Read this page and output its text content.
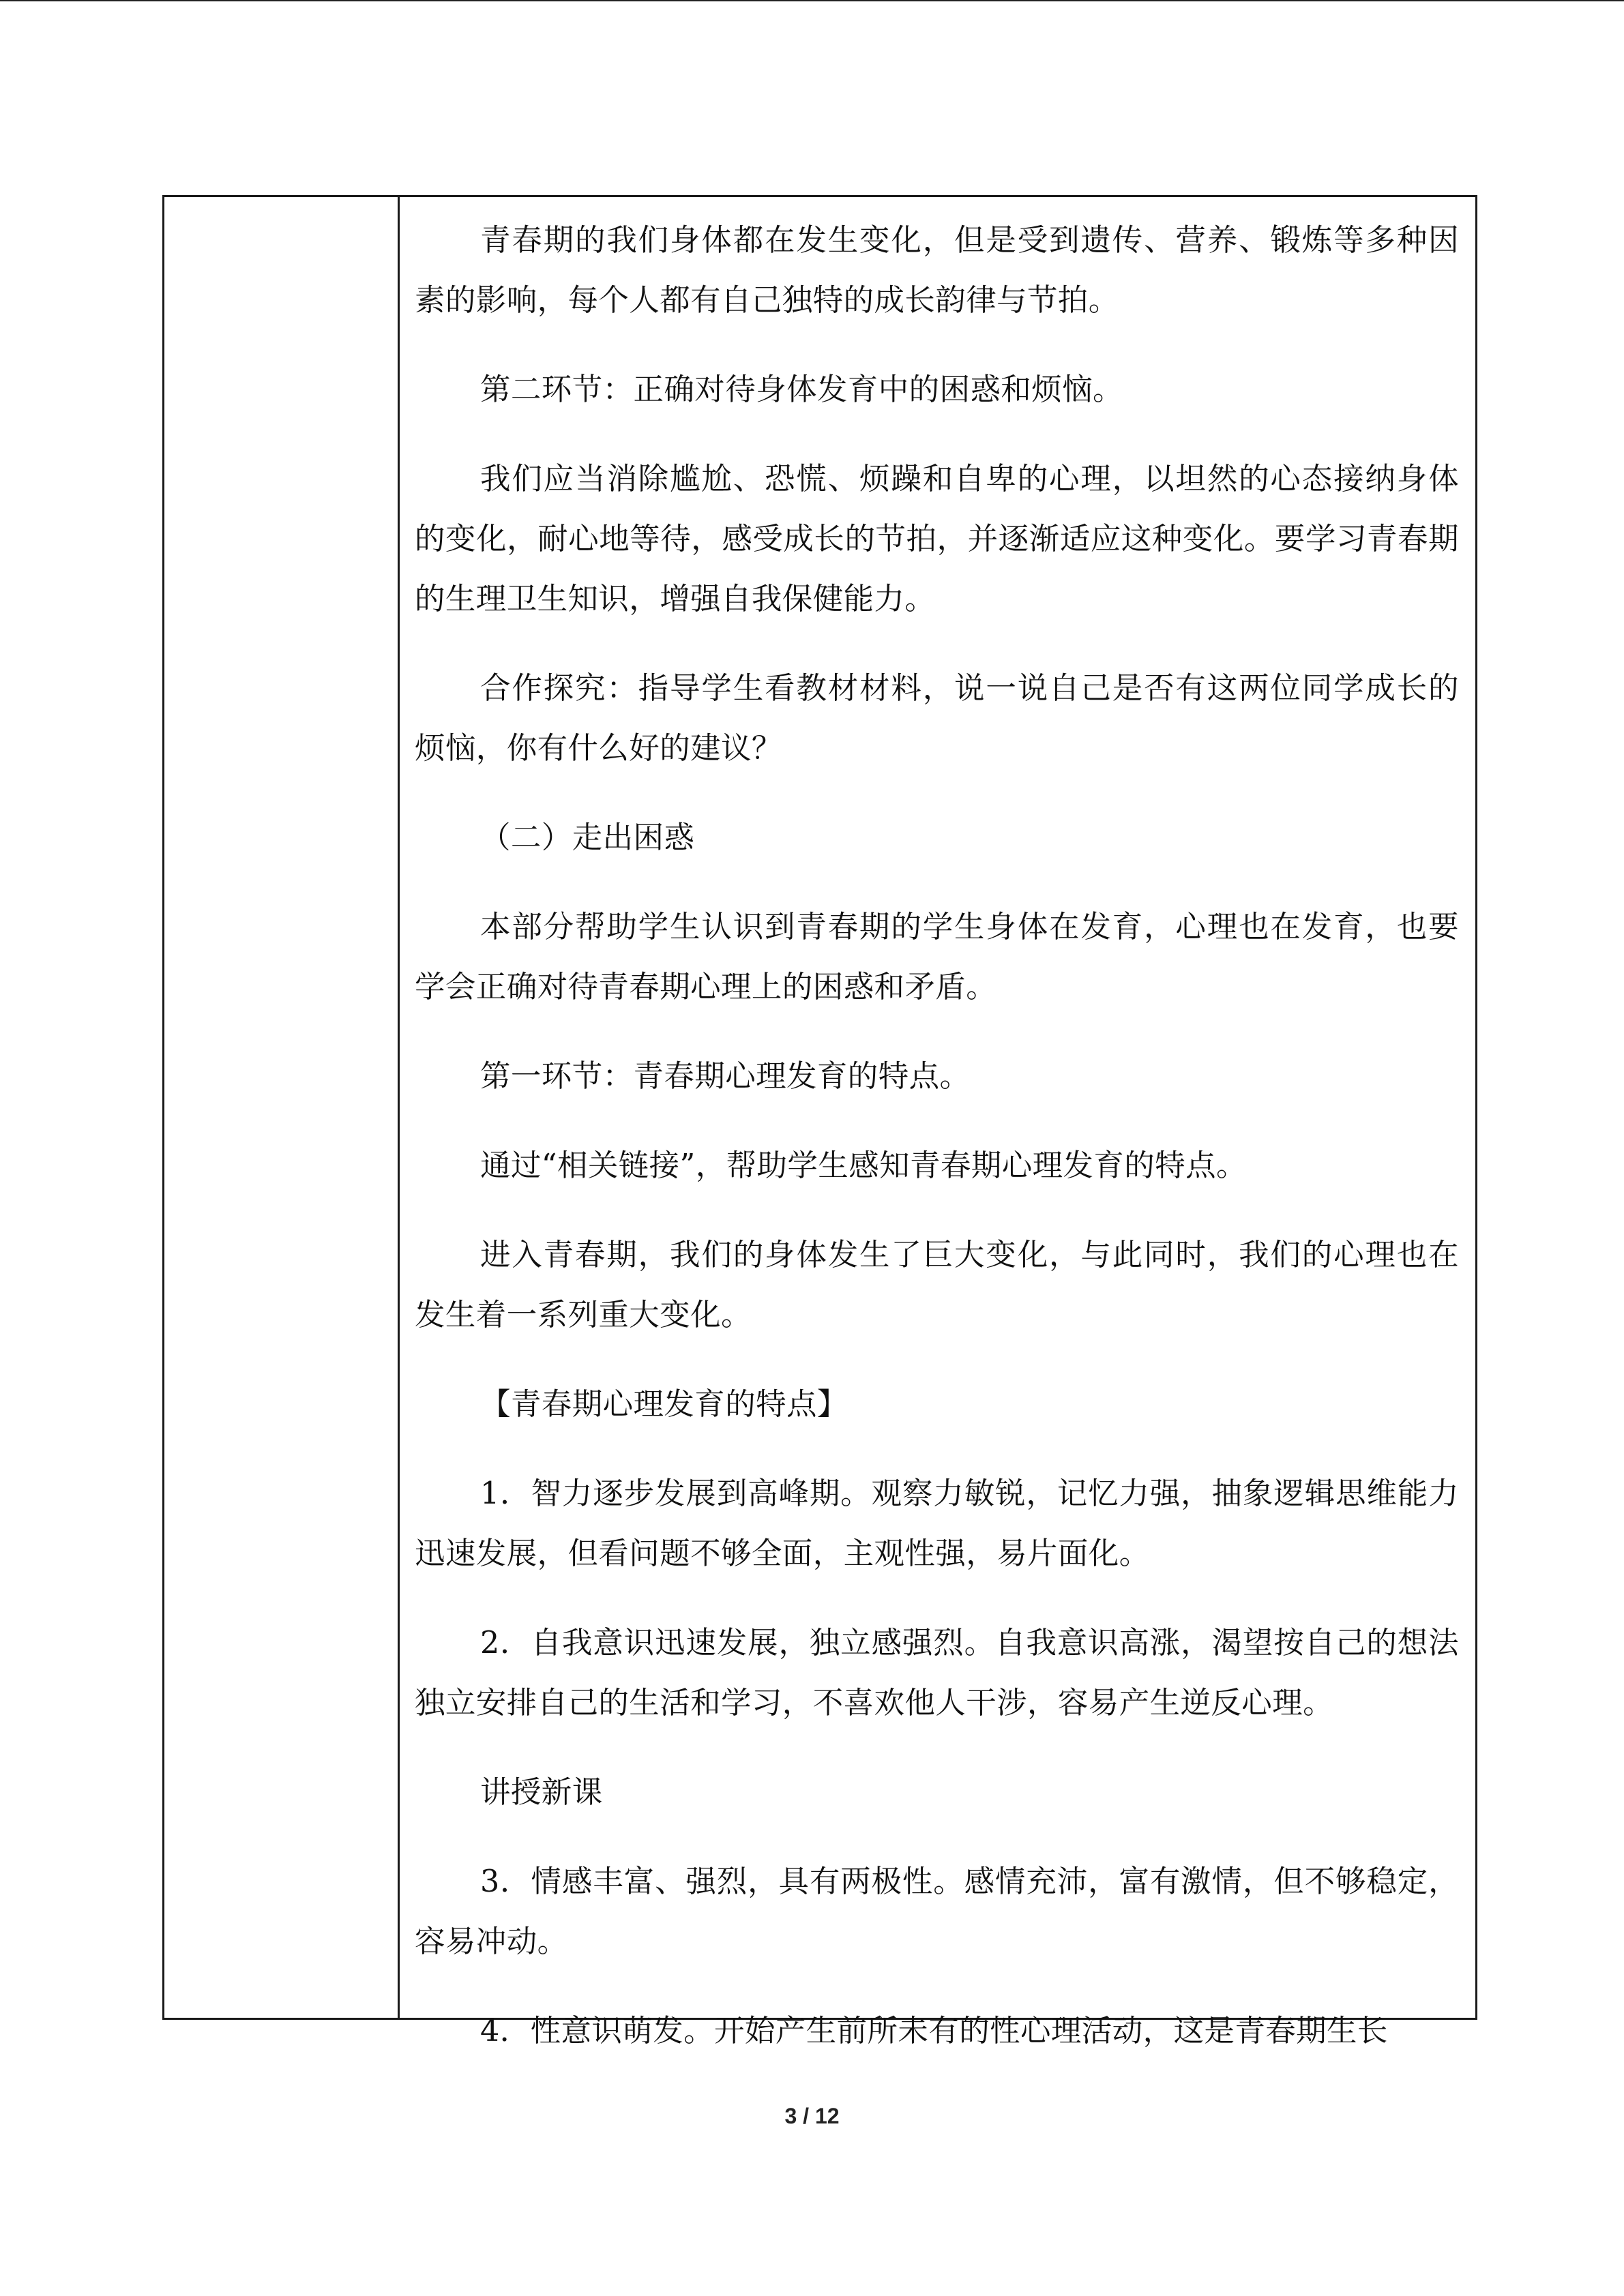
青春期的我们身体都在发生变化，但是受到遗传、营养、锻炼等多种因素的影响，每个人都有自己独特的成长韵律与节拍。

第二环节：正确对待身体发育中的困惑和烦恼。

我们应当消除尴尬、恐慌、烦躁和自卑的心理，以坦然的心态接纳身体的变化，耐心地等待，感受成长的节拍，并逐渐适应这种变化。要学习青春期的生理卫生知识，增强自我保健能力。

合作探究：指导学生看教材材料，说一说自己是否有这两位同学成长的烦恼，你有什么好的建议？

（二）走出困惑

本部分帮助学生认识到青春期的学生身体在发育，心理也在发育，也要学会正确对待青春期心理上的困惑和矛盾。

第一环节：青春期心理发育的特点。

通过“相关链接”，帮助学生感知青春期心理发育的特点。

进入青春期，我们的身体发生了巨大变化，与此同时，我们的心理也在发生着一系列重大变化。

【青春期心理发育的特点】

1．智力逐步发展到高峰期。观察力敏锐，记忆力强，抽象逻辑思维能力迅速发展，但看问题不够全面，主观性强，易片面化。

2．自我意识迅速发展，独立感强烈。自我意识高涨，渴望按自己的想法独立安排自己的生活和学习，不喜欢他人干涉，容易产生逆反心理。

讲授新课

3．情感丰富、强烈，具有两极性。感情充沛，富有激情，但不够稳定，容易冲动。

4．性意识萌发。开始产生前所未有的性心理活动，这是青春期生长

3 / 12
